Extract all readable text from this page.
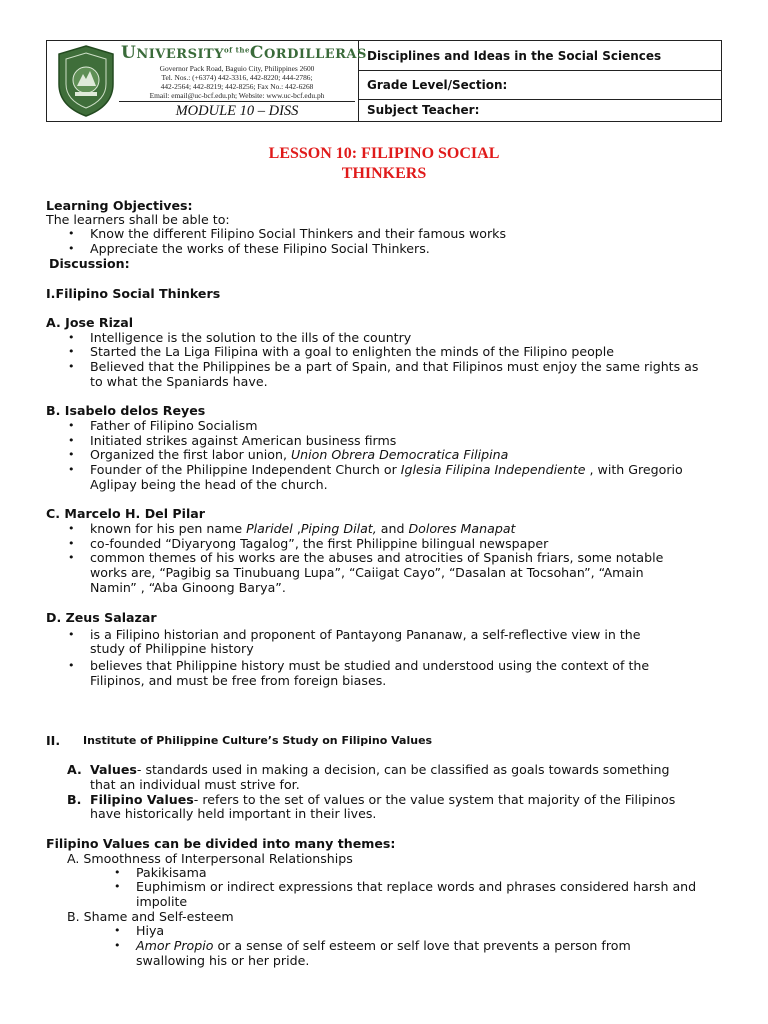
$UNIVERSITY^{of the}CORDILLERAS$
Governor Pack Road, Baguio City, Philippines 2600
Tel. Nos.: (+6374) 442-3316, 442-8220; 444-2786;
442-2564; 442-8219; 442-8256; Fax No.: 442-6268
Email: email@uc-bcf.edu.ph; Website: www.uc-bcf.edu.ph
MODULE 10 – DISS
Disciplines and Ideas in the Social Sciences
Grade Level/Section:
Subject Teacher:
LESSON 10: FILIPINO SOCIAL
THINKERS
Learning Objectives:
The learners shall be able to:
• Know the different Filipino Social Thinkers and their famous works
• Appreciate the works of these Filipino Social Thinkers.
Discussion:
I.Filipino Social Thinkers
A. Jose Rizal
• Intelligence is the solution to the ills of the country
• Started the La Liga Filipina with a goal to enlighten the minds of the Filipino people
• Believed that the Philippines be a part of Spain, and that Filipinos must enjoy the same rights as
to what the Spaniards have.
B. Isabelo delos Reyes
• Father of Filipino Socialism
• Initiated strikes against American business firms
• Organized the first labor union, Union Obrera Democratica Filipina
• Founder of the Philippine Independent Church or Iglesia Filipina Independiente , with Gregorio
Aglipay being the head of the church.
C. Marcelo H. Del Pilar
• known for his pen name Plaridel ,Piping Dilat, and Dolores Manapat
• co-founded “Diyaryong Tagalog”, the first Philippine bilingual newspaper
• common themes of his works are the abuses and atrocities of Spanish friars, some notable
works are, “Pagibig sa Tinubuang Lupa”, “Caiigat Cayo”, “Dasalan at Tocsohan”, “Amain
Namin” , “Aba Ginoong Barya”.
D. Zeus Salazar
• is a Filipino historian and proponent of Pantayong Pananaw, a self-reflective view in the
study of Philippine history
• believes that Philippine history must be studied and understood using the context of the
Filipinos, and must be free from foreign biases.
II. Institute of Philippine Culture’s Study on Filipino Values
A. Values- standards used in making a decision, can be classified as goals towards something
that an individual must strive for.
B. Filipino Values- refers to the set of values or the value system that majority of the Filipinos
have historically held important in their lives.
Filipino Values can be divided into many themes:
A. Smoothness of Interpersonal Relationships
• Pakikisama
• Euphimism or indirect expressions that replace words and phrases considered harsh and
impolite
B. Shame and Self-esteem
• Hiya
• Amor Propio or a sense of self esteem or self love that prevents a person from
swallowing his or her pride.
